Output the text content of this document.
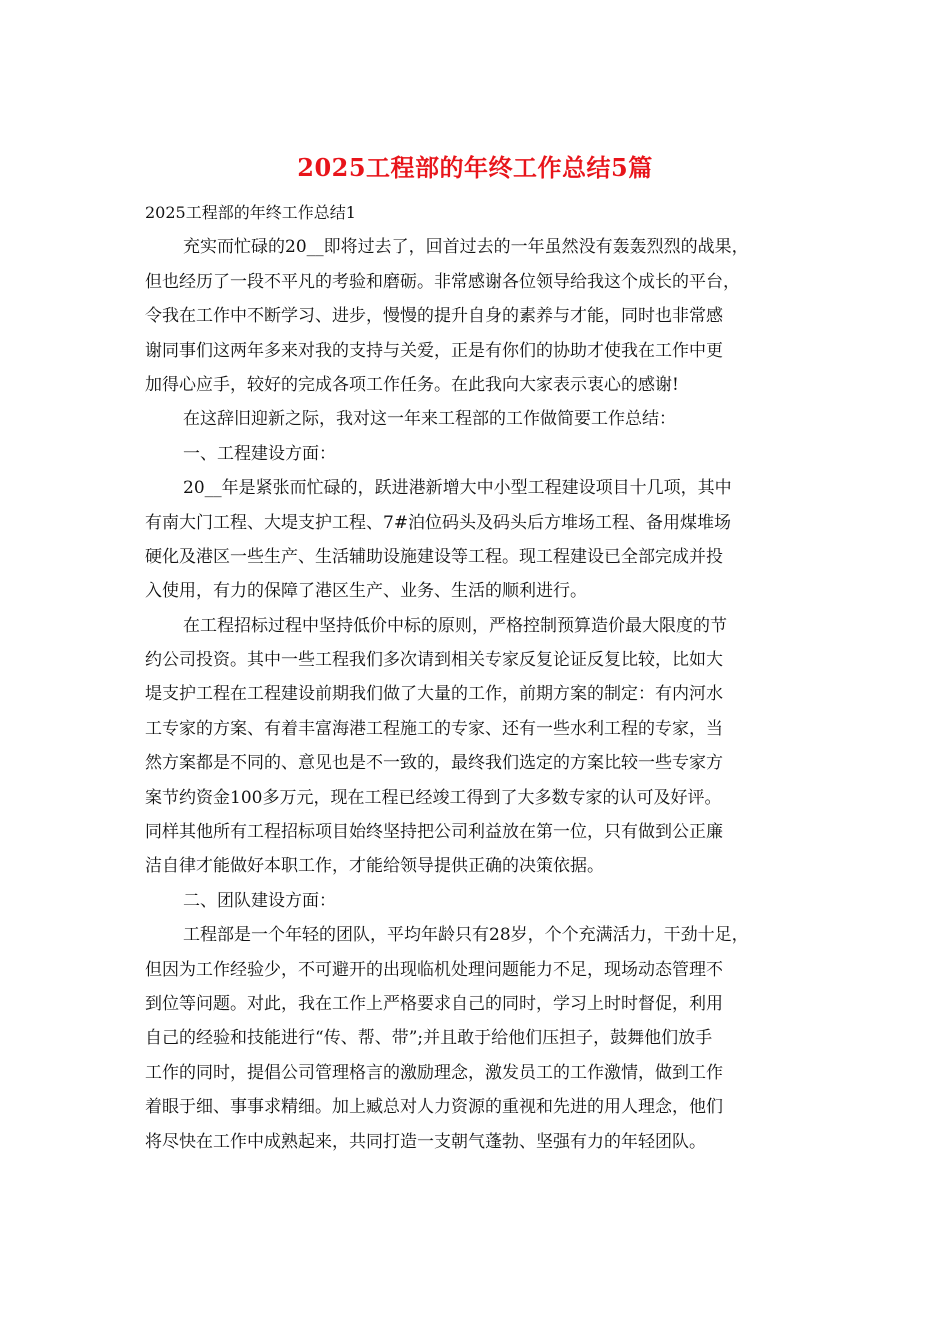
2025工程部的年终工作总结5篇
2025工程部的年终工作总结1
充实而忙碌的20__即将过去了，回首过去的一年虽然没有轰轰烈烈的战果，
但也经历了一段不平凡的考验和磨砺。非常感谢各位领导给我这个成长的平台，
令我在工作中不断学习、进步，慢慢的提升自身的素养与才能，同时也非常感
谢同事们这两年多来对我的支持与关爱，正是有你们的协助才使我在工作中更
加得心应手，较好的完成各项工作任务。在此我向大家表示衷心的感谢!
在这辞旧迎新之际，我对这一年来工程部的工作做简要工作总结：
一、工程建设方面：
20__年是紧张而忙碌的，跃进港新增大中小型工程建设项目十几项，其中
有南大门工程、大堤支护工程、7#泊位码头及码头后方堆场工程、备用煤堆场
硬化及港区一些生产、生活辅助设施建设等工程。现工程建设已全部完成并投
入使用，有力的保障了港区生产、业务、生活的顺利进行。
在工程招标过程中坚持低价中标的原则，严格控制预算造价最大限度的节
约公司投资。其中一些工程我们多次请到相关专家反复论证反复比较，比如大
堤支护工程在工程建设前期我们做了大量的工作，前期方案的制定：有内河水
工专家的方案、有着丰富海港工程施工的专家、还有一些水利工程的专家，当
然方案都是不同的、意见也是不一致的，最终我们选定的方案比较一些专家方
案节约资金100多万元，现在工程已经竣工得到了大多数专家的认可及好评。
同样其他所有工程招标项目始终坚持把公司利益放在第一位，只有做到公正廉
洁自律才能做好本职工作，才能给领导提供正确的决策依据。
二、团队建设方面：
工程部是一个年轻的团队，平均年龄只有28岁，个个充满活力，干劲十足，
但因为工作经验少，不可避开的出现临机处理问题能力不足，现场动态管理不
到位等问题。对此，我在工作上严格要求自己的同时，学习上时时督促，利用
自己的经验和技能进行“传、帮、带”;并且敢于给他们压担子，鼓舞他们放手
工作的同时，提倡公司管理格言的激励理念，激发员工的工作激情，做到工作
着眼于细、事事求精细。加上臧总对人力资源的重视和先进的用人理念，他们
将尽快在工作中成熟起来，共同打造一支朝气蓬勃、坚强有力的年轻团队。
